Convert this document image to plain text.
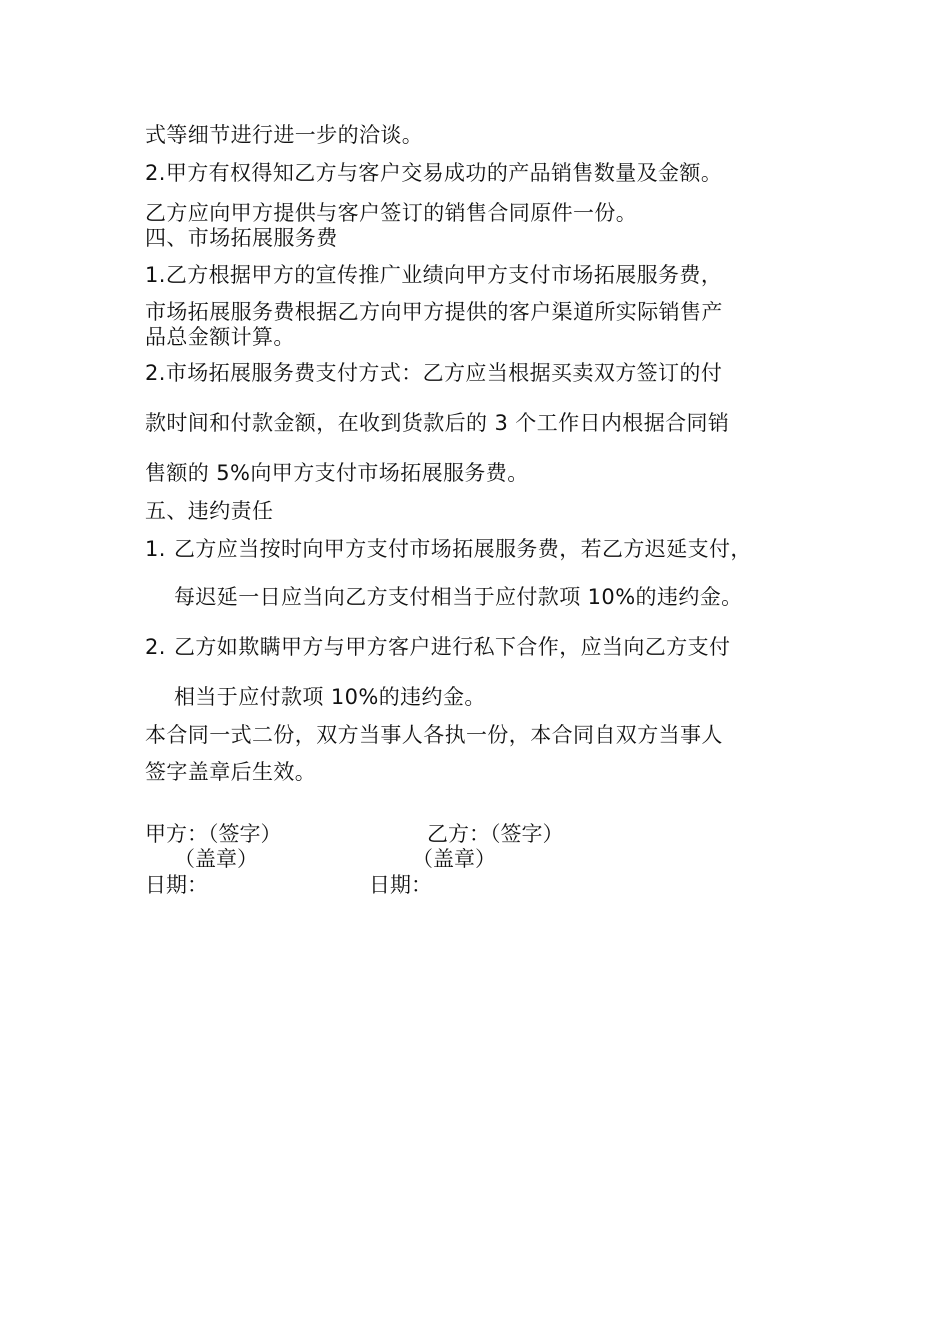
式等细节进行进一步的洽谈。
2.甲方有权得知乙方与客户交易成功的产品销售数量及金额。
乙方应向甲方提供与客户签订的销售合同原件一份。
四、市场拓展服务费
1.乙方根据甲方的宣传推广业绩向甲方支付市场拓展服务费，
市场拓展服务费根据乙方向甲方提供的客户渠道所实际销售产
品总金额计算。
2.市场拓展服务费支付方式：乙方应当根据买卖双方签订的付
款时间和付款金额，在收到货款后的 3 个工作日内根据合同销
售额的 5%向甲方支付市场拓展服务费。
五、违约责任
1. 乙方应当按时向甲方支付市场拓展服务费，若乙方迟延支付，
每迟延一日应当向乙方支付相当于应付款项 10%的违约金。
2. 乙方如欺瞒甲方与甲方客户进行私下合作，应当向乙方支付
相当于应付款项 10%的违约金。
本合同一式二份，双方当事人各执一份，本合同自双方当事人
签字盖章后生效。
甲方：（签字）	乙方：（签字）
（盖章）	（盖章）
日期：	日期：
